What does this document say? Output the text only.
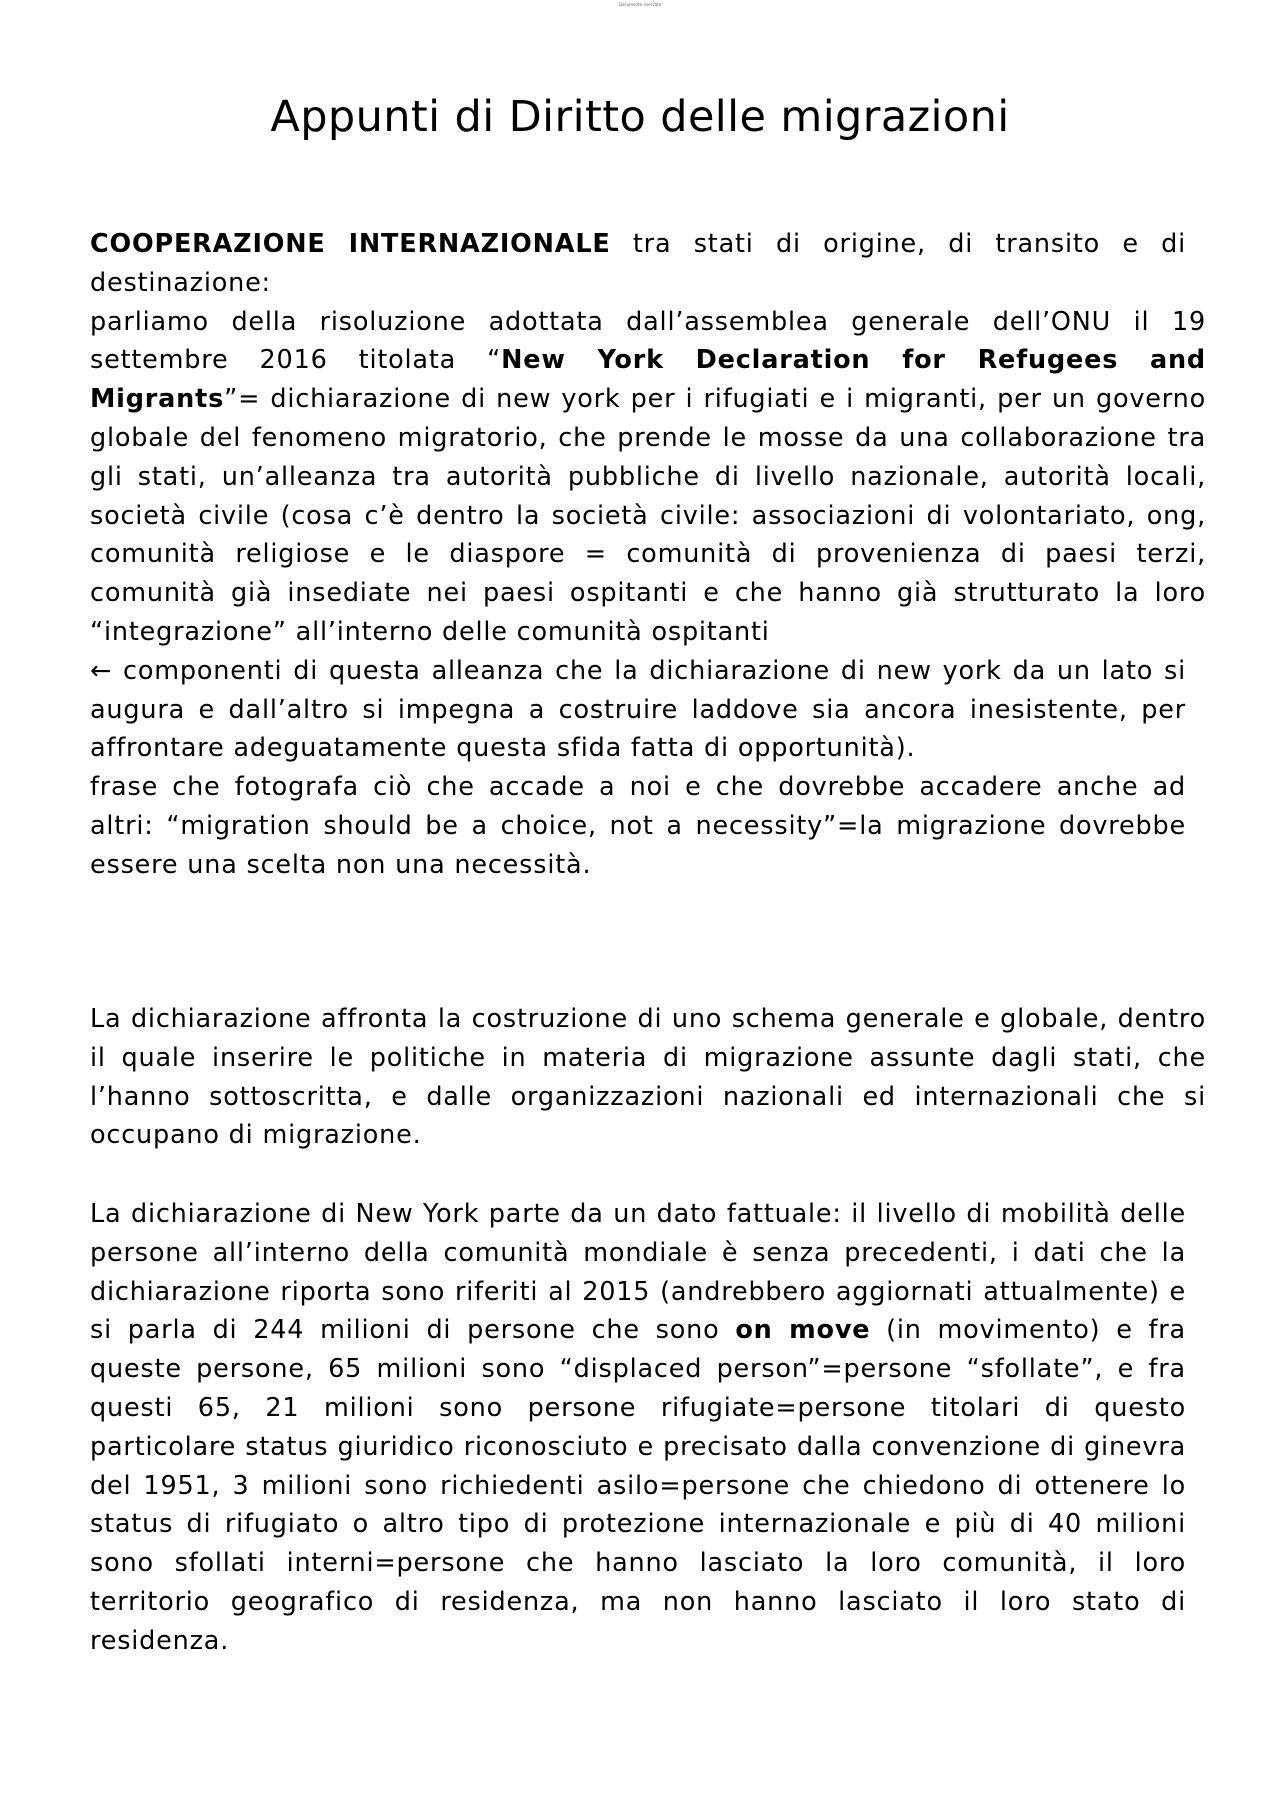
Documento riservato
Appunti di Diritto delle migrazioni

COOPERAZIONE INTERNAZIONALE tra stati di origine, di transito e di destinazione:

parliamo della risoluzione adottata dall’assemblea generale dell’ONU il 19 settembre 2016 titolata “New York Declaration for Refugees and Migrants”= dichiarazione di new york per i rifugiati e i migranti, per un governo globale del fenomeno migratorio, che prende le mosse da una collaborazione tra gli stati, un’alleanza tra autorità pubbliche di livello nazionale, autorità locali, società civile (cosa c’è dentro la società civile: associazioni di volontariato, ong, comunità religiose e le diaspore = comunità di provenienza di paesi terzi, comunità già insediate nei paesi ospitanti e che hanno già strutturato la loro “integrazione” all’interno delle comunità ospitanti

← componenti di questa alleanza che la dichiarazione di new york da un lato si augura e dall’altro si impegna a costruire laddove sia ancora inesistente, per affrontare adeguatamente questa sfida fatta di opportunità).

frase che fotografa ciò che accade a noi e che dovrebbe accadere anche ad altri: “migration should be a choice, not a necessity”=la migrazione dovrebbe essere una scelta non una necessità.

La dichiarazione affronta la costruzione di uno schema generale e globale, dentro il quale inserire le politiche in materia di migrazione assunte dagli stati, che l’hanno sottoscritta, e dalle organizzazioni nazionali ed internazionali che si occupano di migrazione.

La dichiarazione di New York parte da un dato fattuale: il livello di mobilità delle persone all’interno della comunità mondiale è senza precedenti, i dati che la dichiarazione riporta sono riferiti al 2015 (andrebbero aggiornati attualmente) e si parla di 244 milioni di persone che sono on move (in movimento) e fra queste persone, 65 milioni sono “displaced person”=persone “sfollate”, e fra questi 65, 21 milioni sono persone rifugiate=persone titolari di questo particolare status giuridico riconosciuto e precisato dalla convenzione di ginevra del 1951, 3 milioni sono richiedenti asilo=persone che chiedono di ottenere lo status di rifugiato o altro tipo di protezione internazionale e più di 40 milioni sono sfollati interni=persone che hanno lasciato la loro comunità, il loro territorio geografico di residenza, ma non hanno lasciato il loro stato di residenza.
